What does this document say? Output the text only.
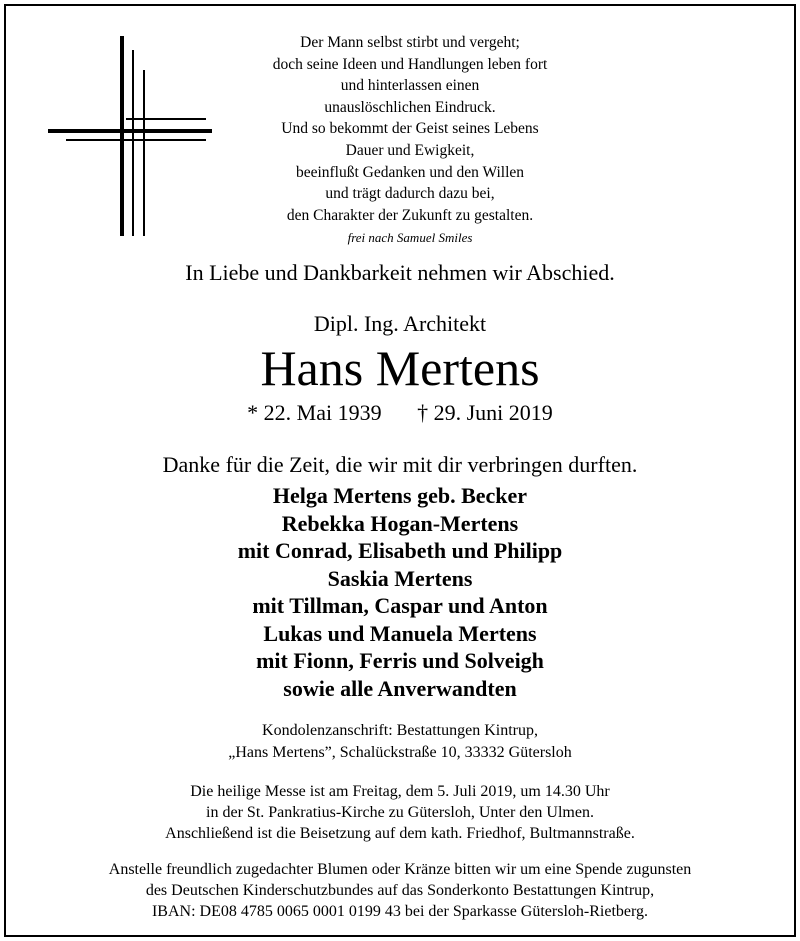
Der Mann selbst stirbt und vergeht;
doch seine Ideen und Handlungen leben fort
und hinterlassen einen
unauslöschlichen Eindruck.
Und so bekommt der Geist seines Lebens
Dauer und Ewigkeit,
beeinflußt Gedanken und den Willen
und trägt dadurch dazu bei,
den Charakter der Zukunft zu gestalten.
frei nach Samuel Smiles
In Liebe und Dankbarkeit nehmen wir Abschied.
Dipl. Ing. Architekt
Hans Mertens
* 22. Mai 1939 † 29. Juni 2019
Danke für die Zeit, die wir mit dir verbringen durften.
Helga Mertens geb. Becker
Rebekka Hogan-Mertens
mit Conrad, Elisabeth und Philipp
Saskia Mertens
mit Tillman, Caspar und Anton
Lukas und Manuela Mertens
mit Fionn, Ferris und Solveigh
sowie alle Anverwandten
Kondolenzanschrift: Bestattungen Kintrup,
„Hans Mertens”, Schalückstraße 10, 33332 Gütersloh
Die heilige Messe ist am Freitag, dem 5. Juli 2019, um 14.30 Uhr
in der St. Pankratius-Kirche zu Gütersloh, Unter den Ulmen.
Anschließend ist die Beisetzung auf dem kath. Friedhof, Bultmannstraße.
Anstelle freundlich zugedachter Blumen oder Kränze bitten wir um eine Spende zugunsten
des Deutschen Kinderschutzbundes auf das Sonderkonto Bestattungen Kintrup,
IBAN: DE08 4785 0065 0001 0199 43 bei der Sparkasse Gütersloh-Rietberg.
